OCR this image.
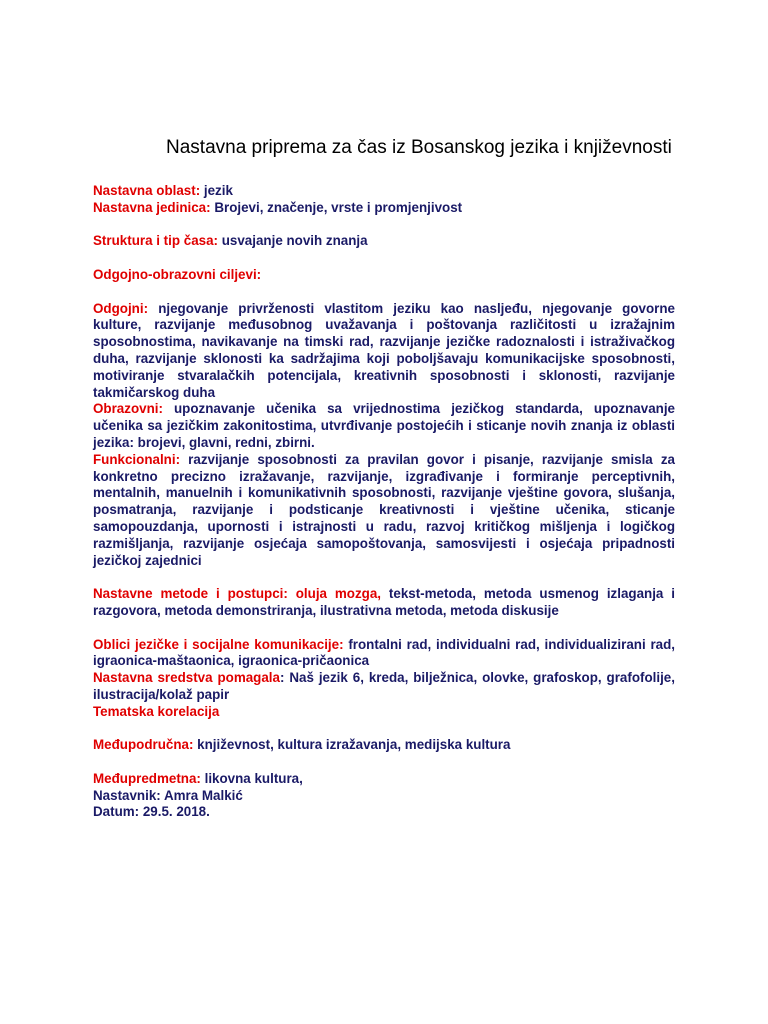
Nastavna priprema za čas iz Bosanskog jezika i književnosti

Nastavna oblast: jezik

Nastavna jedinica: Brojevi, značenje, vrste i promjenjivost

Struktura i tip časa: usvajanje novih znanja

Odgojno-obrazovni ciljevi:

Odgojni: njegovanje privrženosti vlastitom jeziku kao nasljeđu, njegovanje govorne kulture, razvijanje međusobnog uvažavanja i poštovanja različitosti u izražajnim sposobnostima, navikavanje na timski rad, razvijanje jezičke radoznalosti i istraživačkog duha, razvijanje sklonosti ka sadržajima koji poboljšavaju komunikacijske sposobnosti, motiviranje stvaralačkih potencijala, kreativnih sposobnosti i sklonosti, razvijanje takmičarskog duha

Obrazovni: upoznavanje učenika sa vrijednostima jezičkog standarda, upoznavanje učenika sa jezičkim zakonitostima, utvrđivanje postojećih i sticanje novih znanja iz oblasti jezika: brojevi, glavni, redni, zbirni.

Funkcionalni: razvijanje sposobnosti za pravilan govor i pisanje, razvijanje smisla za konkretno precizno izražavanje, razvijanje, izgrađivanje i formiranje perceptivnih, mentalnih, manuelnih i komunikativnih sposobnosti, razvijanje vještine govora, slušanja, posmatranja, razvijanje i podsticanje kreativnosti i vještine učenika, sticanje samopouzdanja, upornosti i istrajnosti u radu, razvoj kritičkog mišljenja i logičkog razmišljanja, razvijanje osjećaja samopoštovanja, samosvijesti i osjećaja pripadnosti jezičkoj zajednici

Nastavne metode i postupci: oluja mozga, tekst-metoda, metoda usmenog izlaganja i razgovora, metoda demonstriranja, ilustrativna metoda, metoda diskusije

Oblici jezičke i socijalne komunikacije: frontalni rad, individualni rad, individualizirani rad, igraonica-maštaonica, igraonica-pričaonica

Nastavna sredstva pomagala: Naš jezik 6, kreda, bilježnica, olovke, grafoskop, grafofolije, ilustracija/kolaž papir

Tematska korelacija

Međupodručna: književnost, kultura izražavanja, medijska kultura

Međupredmetna: likovna kultura,

Nastavnik: Amra Malkić

Datum: 29.5. 2018.
